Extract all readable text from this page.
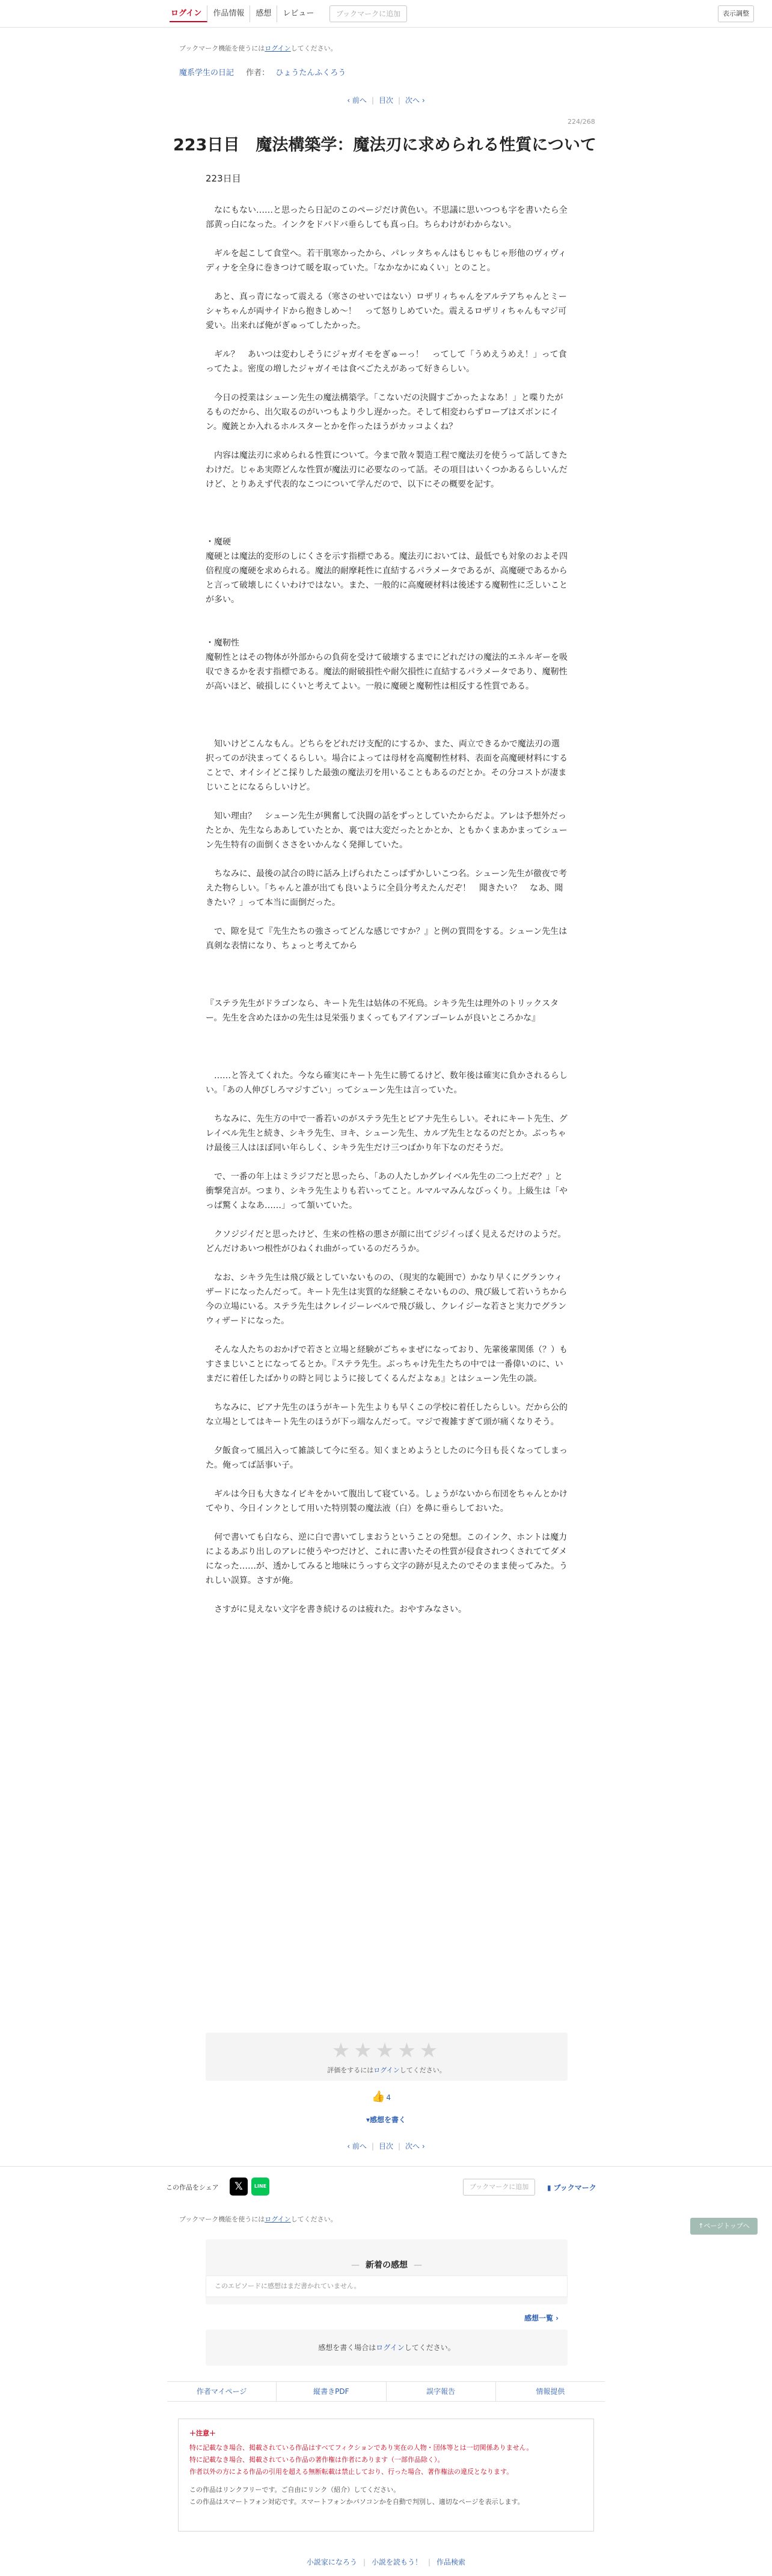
ログイン	作品情報	感想	レビュー	ブックマークに追加	表示調整
ブックマーク機能を使うにはログインしてください。
魔系学生の日記 作者： ひょうたんふくろう
‹ 前へ | 目次 | 次へ ›
224/268
223日目　魔法構築学：魔法刃に求められる性質について
223日目

なにもない……と思ったら日記のこのページだけ黄色い。不思議に思いつつも字を書いたら全部黄っ白になった。インクをドバドバ垂らしても真っ白。ちらわけがわからない。

ギルを起こして食堂へ。若干肌寒かったから、パレッタちゃんはもじゃもじゃ形他のヴィヴィディナを全身に巻きつけて暖を取っていた。「なかなかにぬくい」とのこと。

あと、真っ青になって震える（寒さのせいではない）ロザリィちゃんをアルテアちゃんとミーシャちゃんが両サイドから抱きしめ〜！　って怒りしめていた。震えるロザリィちゃんもマジ可愛い。出来れば俺がぎゅってしたかった。

ギル？　あいつは変わしそうにジャガイモをぎゅーっ！　ってして「うめえうめえ！」って食ってたよ。密度の増したジャガイモは食べごたえがあって好きらしい。

今日の授業はシューン先生の魔法構築学。「こないだの決闘すごかったよなあ！」と喋りたがるものだから、出欠取るのがいつもより少し遅かった。そして相変わらずローブはズボンにイン。魔銃とか入れるホルスターとかを作ったほうがカッコよくね？

内容は魔法刃に求められる性質について。今まで散々製造工程で魔法刃を使うって話してきたわけだ。じゃあ実際どんな性質が魔法刃に必要なのって話。その項目はいくつかあるらしいんだけど、とりあえず代表的なこつについて学んだので、以下にその概要を記す。

・魔硬

魔硬とは魔法的変形のしにくさを示す指標である。魔法刃においては、最低でも対象のおよそ四倍程度の魔硬を求められる。魔法的耐摩耗性に直結するパラメータであるが、高魔硬であるからと言って破壊しにくいわけではない。また、一般的に高魔硬材料は後述する魔靭性に乏しいことが多い。

・魔靭性

魔靭性とはその物体が外部からの負荷を受けて破壊するまでにどれだけの魔法的エネルギーを吸収できるかを表す指標である。魔法的耐破損性や耐欠損性に直結するパラメータであり、魔靭性が高いほど、破損しにくいと考えてよい。一般に魔硬と魔靭性は相反する性質である。

知いけどこんなもん。どちらをどれだけ支配的にするか、また、両立できるかで魔法刃の選択ってのが決まってくるらしい。場合によっては母材を高魔靭性材料、表面を高魔硬材料にすることで、オイシイどこ採りした最強の魔法刃を用いることもあるのだとか。その分コストが凄まじいことになるらしいけど。

知い理由？　シューン先生が興奮して決闘の話をずっとしていたからだよ。アレは予想外だったとか、先生ならああしていたとか、裏では大変だったとかとか、ともかくまあかまってシューン先生特有の面倒くささをいかんなく発揮していた。

ちなみに、最後の試合の時に話み上げられたこっぱずかしいこつ名。シューン先生が徹夜で考えた物らしい。「ちゃんと誰が出ても良いように全員分考えたんだぞ！　聞きたい？　なあ、聞きたい？」って本当に面倒だった。

で、隙を見て『先生たちの強さってどんな感じですか？』と例の質問をする。シューン先生は真剣な表情になり、ちょっと考えてから

『ステラ先生がドラゴンなら、キート先生は姑体の不死鳥。シキラ先生は理外のトリックスター。先生を含めたほかの先生は見栄張りまくってもアイアンゴーレムが良いところかな』

……と答えてくれた。今なら確実にキート先生に勝てるけど、数年後は確実に負かされるらしい。「あの人伸びしろマジすごい」ってシューン先生は言っていた。

ちなみに、先生方の中で一番若いのがステラ先生とピアナ先生らしい。それにキート先生、グレイベル先生と続き、シキラ先生、ヨキ、シューン先生、カルブ先生となるのだとか。ぶっちゃけ最後三人はほぼ同い年らしく、シキラ先生だけ三つばかり年下なのだそうだ。

で、一番の年上はミラジフだと思ったら、「あの人たしかグレイベル先生の二つ上だぞ？」と衝撃発言が。つまり、シキラ先生よりも若いってこと。ルマルマみんなびっくり。上級生は「やっぱ驚くよなあ……」って頷いていた。

クソジジイだと思ったけど、生来の性格の悪さが顔に出てジジイっぽく見えるだけのようだ。どんだけあいつ根性がひねくれ曲がっているのだろうか。

なお、シキラ先生は飛び級としていないものの、（現実的な範囲で）かなり早くにグランウィザードになったんだって。キート先生は実質的な経験こそないものの、飛び級して若いうちから今の立場にいる。ステラ先生はクレイジーレベルで飛び級し、クレイジーな若さと実力でグランウィザードになった。

そんな人たちのおかげで若さと立場と経験がごちゃまぜになっており、先輩後輩関係（？）もすさまじいことになってるとか。『ステラ先生。ぶっちゃけ先生たちの中では一番偉いのに、いまだに着任したばかりの時と同じように接してくるんだよなぁ』とはシューン先生の談。

ちなみに、ピアナ先生のほうがキート先生よりも早くこの学校に着任したらしい。だから公的な立場としてはキート先生のほうが下っ端なんだって。マジで複雑すぎて頭が痛くなりそう。

夕飯食って風呂入って雑談して今に至る。知くまとめようとしたのに今日も長くなってしまった。俺ってば話事い子。

ギルは今日も大きなイビキをかいて腹出して寝ている。しょうがないから布団をちゃんとかけてやり、今日インクとして用いた特別製の魔法液（白）を鼻に垂らしておいた。

何で書いても白なら、逆に白で書いてしまおうということの発想。このインク、ホントは魔力によるあぶり出しのアレに使うやつだけど、これに書いたその性質が侵食されつくされててダメになった……が、透かしてみると地味にうっすら文字の跡が見えたのでそのまま使ってみた。うれしい誤算。さすが俺。

さすがに見えない文字を書き続けるのは疲れた。おやすみなさい。

★★★★★
評価をするにはログインしてください。
👍 4
▾感想を書く
‹ 前へ | 目次 | 次へ ›
この作品をシェア	𝕏	LINE	ブックマークに追加	▮ ブックマーク
ブックマーク機能を使うにはログインしてください。
↑ページトップへ
— 新着の感想 —
このエピソードに感想はまだ書かれていません。
感想一覧 ›
感想を書く場合はログインしてください。
作者マイページ	縦書きPDF	誤字報告	情報提供
＋注意＋
特に記載なき場合、掲載されている作品はすべてフィクションであり実在の人物・団体等とは一切関係ありません。
特に記載なき場合、掲載されている作品の著作権は作者にあります（一部作品除く）。
作者以外の方による作品の引用を超える無断転載は禁止しており、行った場合、著作権法の違反となります。
この作品はリンクフリーです。ご自由にリンク（紹介）してください。
この作品はスマートフォン対応です。スマートフォンかパソコンかを自動で判別し、適切なページを表示します。
小説家になろう | 小説を読もう！ | 作品検索
